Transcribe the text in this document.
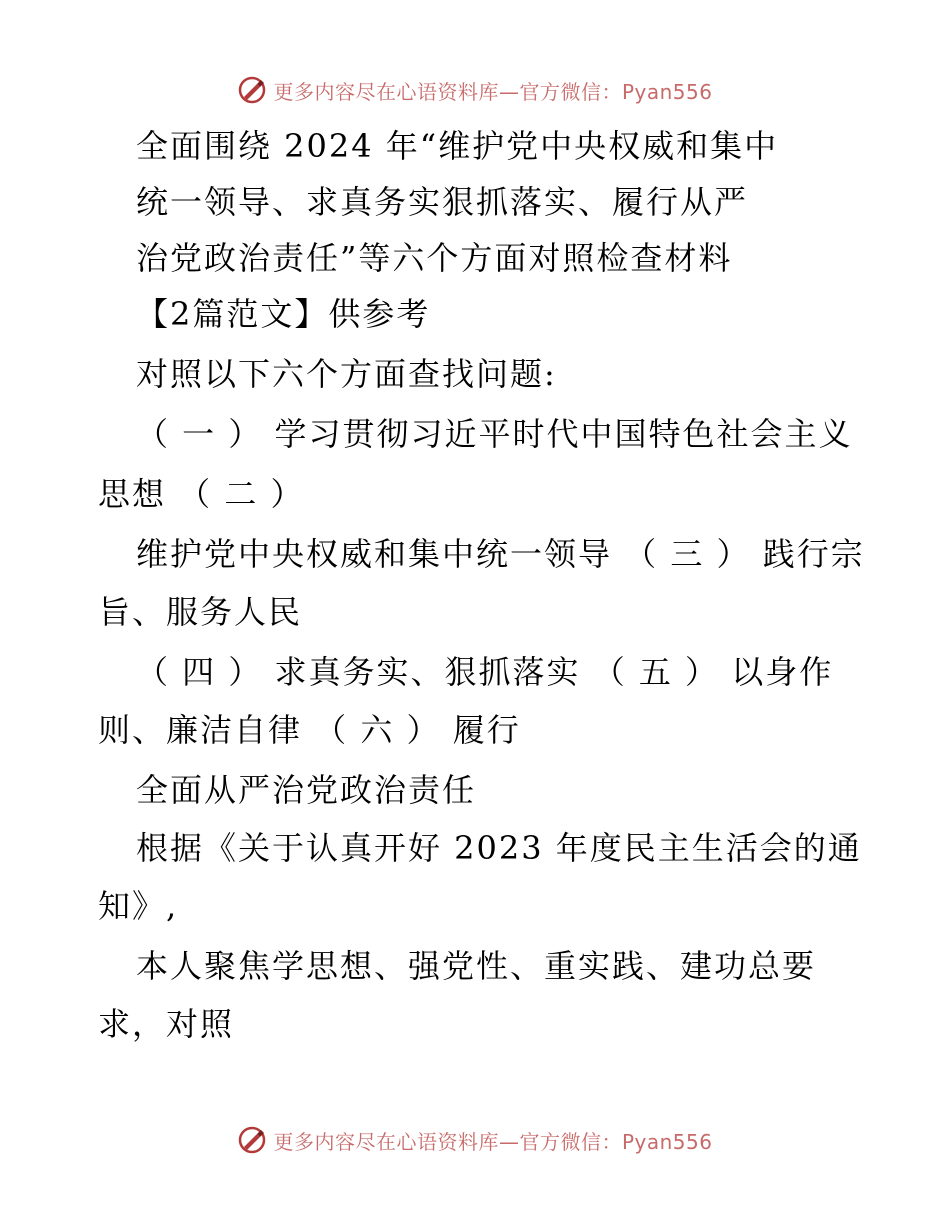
更多内容尽在心语资料库—官方微信：Pyan556
全面围绕 2024 年“维护党中央权威和集中
统一领导、求真务实狠抓落实、履行从严
治党政治责任”等六个方面对照检查材料
【2篇范文】供参考
对照以下六个方面查找问题:
（ 一 ） 学习贯彻习近平时代中国特色社会主义
思想 （ 二 ）
维护党中央权威和集中统一领导 （ 三 ） 践行宗
旨、服务人民
（ 四 ） 求真务实、狠抓落实 （ 五 ） 以身作
则、廉洁自律 （ 六 ） 履行
全面从严治党政治责任
根据《关于认真开好 2023 年度民主生活会的通
知》,
本人聚焦学思想、强党性、重实践、建功总要
求，对照
更多内容尽在心语资料库—官方微信：Pyan556
